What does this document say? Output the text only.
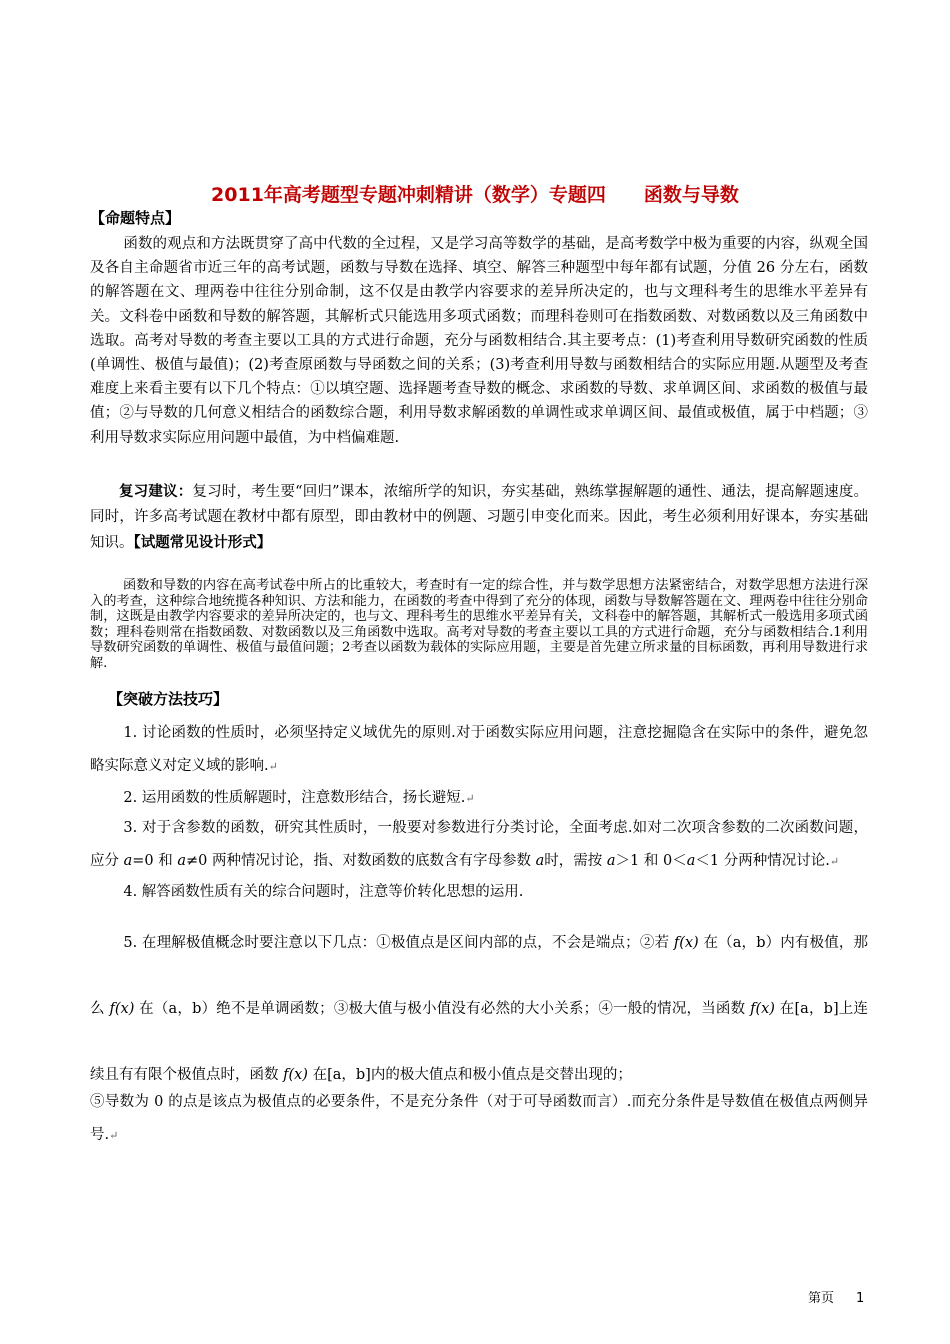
2011年高考题型专题冲刺精讲（数学）专题四　　函数与导数
【命题特点】
函数的观点和方法既贯穿了高中代数的全过程，又是学习高等数学的基础，是高考数学中极为重要的内容，纵观全国及各自主命题省市近三年的高考试题，函数与导数在选择、填空、解答三种题型中每年都有试题，分值 26 分左右，函数的解答题在文、理两卷中往往分别命制，这不仅是由教学内容要求的差异所决定的，也与文理科考生的思维水平差异有关。文科卷中函数和导数的解答题，其解析式只能选用多项式函数；而理科卷则可在指数函数、对数函数以及三角函数中选取。高考对导数的考查主要以工具的方式进行命题，充分与函数相结合.其主要考点：(1)考查利用导数研究函数的性质(单调性、极值与最值)；(2)考查原函数与导函数之间的关系；(3)考查利用导数与函数相结合的实际应用题.从题型及考查难度上来看主要有以下几个特点：①以填空题、选择题考查导数的概念、求函数的导数、求单调区间、求函数的极值与最值；②与导数的几何意义相结合的函数综合题，利用导数求解函数的单调性或求单调区间、最值或极值，属于中档题；③利用导数求实际应用问题中最值，为中档偏难题.
复习建议：复习时，考生要“回归”课本，浓缩所学的知识，夯实基础，熟练掌握解题的通性、通法，提高解题速度。同时，许多高考试题在教材中都有原型，即由教材中的例题、习题引申变化而来。因此，考生必须利用好课本，夯实基础知识。【试题常见设计形式】
函数和导数的内容在高考试卷中所占的比重较大，考查时有一定的综合性，并与数学思想方法紧密结合，对数学思想方法进行深入的考查，这种综合地统揽各种知识、方法和能力，在函数的考查中得到了充分的体现，函数与导数解答题在文、理两卷中往往分别命制，这既是由教学内容要求的差异所决定的，也与文、理科考生的思维水平差异有关，文科卷中的解答题，其解析式一般选用多项式函数；理科卷则常在指数函数、对数函数以及三角函数中选取。高考对导数的考查主要以工具的方式进行命题，充分与函数相结合.1利用导数研究函数的单调性、极值与最值问题；2考查以函数为载体的实际应用题，主要是首先建立所求量的目标函数，再利用导数进行求解.
【突破方法技巧】
1. 讨论函数的性质时，必须坚持定义域优先的原则.对于函数实际应用问题，注意挖掘隐含在实际中的条件，避免忽略实际意义对定义域的影响.↵
2. 运用函数的性质解题时，注意数形结合，扬长避短.↵
3. 对于含参数的函数，研究其性质时，一般要对参数进行分类讨论，全面考虑.如对二次项含参数的二次函数问题，应分 a=0 和 a≠0 两种情况讨论，指、对数函数的底数含有字母参数 a时，需按 a＞1 和 0＜a＜1 分两种情况讨论.↵
4. 解答函数性质有关的综合问题时，注意等价转化思想的运用.
5. 在理解极值概念时要注意以下几点：①极值点是区间内部的点，不会是端点；②若 f(x) 在（a，b）内有极值，那么 f(x) 在（a，b）绝不是单调函数；③极大值与极小值没有必然的大小关系；④一般的情况，当函数 f(x) 在[a，b]上连续且有有限个极值点时，函数 f(x) 在[a，b]内的极大值点和极小值点是交替出现的；
⑤导数为 0 的点是该点为极值点的必要条件，不是充分条件（对于可导函数而言）.而充分条件是导数值在极值点两侧异号.↵
第页 1
